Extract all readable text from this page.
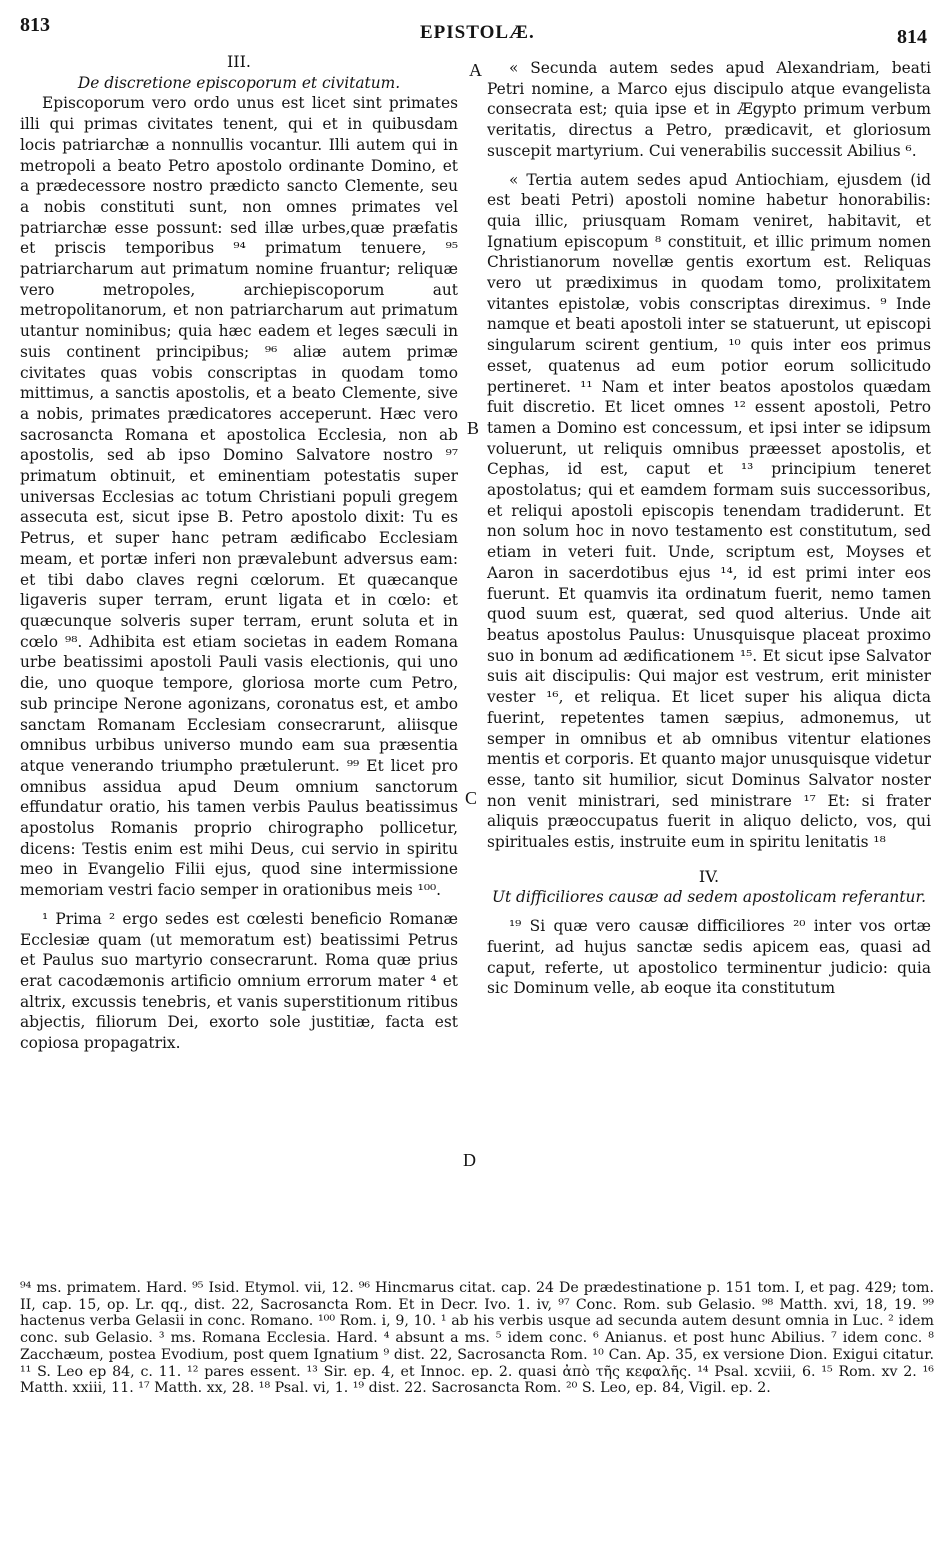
813	EPISTOLÆ.	814
A
B
C
D
III.
De discretione episcoporum et civitatum.

Episcoporum vero ordo unus est licet sint primates illi qui primas civitates tenent, qui et in quibusdam locis patriarchæ a nonnullis vocantur. Illi autem qui in metropoli a beato Petro apostolo ordinante Domino, et a prædecessore nostro prædicto sancto Clemente, seu a nobis constituti sunt, non omnes primates vel patriarchæ esse possunt: sed illæ urbes,quæ præfatis et priscis temporibus ⁹⁴ primatum tenuere, ⁹⁵ patriarcharum aut primatum nomine fruantur; reliquæ vero metropoles, archiepiscoporum aut metropolitanorum, et non patriarcharum aut primatum utantur nominibus; quia hæc eadem et leges sæculi in suis continent principibus; ⁹⁶ aliæ autem primæ civitates quas vobis conscriptas in quodam tomo mittimus, a sanctis apostolis, et a beato Clemente, sive a nobis, primates prædicatores acceperunt. Hæc vero sacrosancta Romana et apostolica Ecclesia, non ab apostolis, sed ab ipso Domino Salvatore nostro ⁹⁷ primatum obtinuit, et eminentiam potestatis super universas Ecclesias ac totum Christiani populi gregem assecuta est, sicut ipse B. Petro apostolo dixit: Tu es Petrus, et super hanc petram ædificabo Ecclesiam meam, et portæ inferi non prævalebunt adversus eam: et tibi dabo claves regni cœlorum. Et quæcanque ligaveris super terram, erunt ligata et in cœlo: et quæcunque solveris super terram, erunt soluta et in cœlo ⁹⁸. Adhibita est etiam societas in eadem Romana urbe beatissimi apostoli Pauli vasis electionis, qui uno die, uno quoque tempore, gloriosa morte cum Petro, sub principe Nerone agonizans, coronatus est, et ambo sanctam Romanam Ecclesiam consecrarunt, aliisque omnibus urbibus universo mundo eam sua præsentia atque venerando triumpho prætulerunt. ⁹⁹ Et licet pro omnibus assidua apud Deum omnium sanctorum effundatur oratio, his tamen verbis Paulus beatissimus apostolus Romanis proprio chirographo pollicetur, dicens: Testis enim est mihi Deus, cui servio in spiritu meo in Evangelio Filii ejus, quod sine intermissione memoriam vestri facio semper in orationibus meis ¹⁰⁰.

¹ Prima ² ergo sedes est cœlesti beneficio Romanæ Ecclesiæ quam (ut memoratum est) beatissimi Petrus et Paulus suo martyrio consecrarunt. Roma quæ prius erat cacodæmonis artificio omnium errorum mater ⁴ et altrix, excussis tenebris, et vanis superstitionum ritibus abjectis, filiorum Dei, exorto sole justitiæ, facta est copiosa propagatrix.

« Secunda autem sedes apud Alexandriam, beati Petri nomine, a Marco ejus discipulo atque evangelista consecrata est; quia ipse et in Ægypto primum verbum veritatis, directus a Petro, prædicavit, et gloriosum suscepit martyrium. Cui venerabilis successit Abilius ⁶.

« Tertia autem sedes apud Antiochiam, ejusdem (id est beati Petri) apostoli nomine habetur honorabilis: quia illic, priusquam Romam veniret, habitavit, et Ignatium episcopum ⁸ constituit, et illic primum nomen Christianorum novellæ gentis exortum est. Reliquas vero ut prædiximus in quodam tomo, prolixitatem vitantes epistolæ, vobis conscriptas direximus. ⁹ Inde namque et beati apostoli inter se statuerunt, ut episcopi singularum scirent gentium, ¹⁰ quis inter eos primus esset, quatenus ad eum potior eorum sollicitudo pertineret. ¹¹ Nam et inter beatos apostolos quædam fuit discretio. Et licet omnes ¹² essent apostoli, Petro tamen a Domino est concessum, et ipsi inter se idipsum voluerunt, ut reliquis omnibus præesset apostolis, et Cephas, id est, caput et ¹³ principium teneret apostolatus; qui et eamdem formam suis successoribus, et reliqui apostoli episcopis tenendam tradiderunt. Et non solum hoc in novo testamento est constitutum, sed etiam in veteri fuit. Unde, scriptum est, Moyses et Aaron in sacerdotibus ejus ¹⁴, id est primi inter eos fuerunt. Et quamvis ita ordinatum fuerit, nemo tamen quod suum est, quærat, sed quod alterius. Unde ait beatus apostolus Paulus: Unusquisque placeat proximo suo in bonum ad ædificationem ¹⁵. Et sicut ipse Salvator suis ait discipulis: Qui major est vestrum, erit minister vester ¹⁶, et reliqua. Et licet super his aliqua dicta fuerint, repetentes tamen sæpius, admonemus, ut semper in omnibus et ab omnibus vitentur elationes mentis et corporis. Et quanto major unusquisque videtur esse, tanto sit humilior, sicut Dominus Salvator noster non venit ministrari, sed ministrare ¹⁷ Et: si frater aliquis præoccupatus fuerit in aliquo delicto, vos, qui spirituales estis, instruite eum in spiritu lenitatis ¹⁸

IV.
Ut difficiliores causæ ad sedem apostolicam referantur.

¹⁹ Si quæ vero causæ difficiliores ²⁰ inter vos ortæ fuerint, ad hujus sanctæ sedis apicem eas, quasi ad caput, referte, ut apostolico terminentur judicio: quia sic Dominum velle, ab eoque ita constitutum

⁹⁴ ms. primatem. Hard. ⁹⁵ Isid. Etymol. vii, 12. ⁹⁶ Hincmarus citat. cap. 24 De prædestinatione p. 151 tom. I, et pag. 429; tom. II, cap. 15, op. Lr. qq., dist. 22, Sacrosancta Rom. Et in Decr. Ivo. 1. iv, ⁹⁷ Conc. Rom. sub Gelasio. ⁹⁸ Matth. xvi, 18, 19. ⁹⁹ hactenus verba Gelasii in conc. Romano. ¹⁰⁰ Rom. i, 9, 10. ¹ ab his verbis usque ad secunda autem desunt omnia in Luc. ² idem conc. sub Gelasio. ³ ms. Romana Ecclesia. Hard. ⁴ absunt a ms. ⁵ idem conc. ⁶ Anianus. et post hunc Abilius. ⁷ idem conc. ⁸ Zacchæum, postea Evodium, post quem Ignatium ⁹ dist. 22, Sacrosancta Rom. ¹⁰ Can. Ap. 35, ex versione Dion. Exigui citatur. ¹¹ S. Leo ep 84, c. 11. ¹² pares essent. ¹³ Sir. ep. 4, et Innoc. ep. 2. quasi ἀπὸ τῆς κεφαλῆς. ¹⁴ Psal. xcviii, 6. ¹⁵ Rom. xv 2. ¹⁶ Matth. xxiii, 11. ¹⁷ Matth. xx, 28. ¹⁸ Psal. vi, 1. ¹⁹ dist. 22. Sacrosancta Rom. ²⁰ S. Leo, ep. 84, Vigil. ep. 2.
